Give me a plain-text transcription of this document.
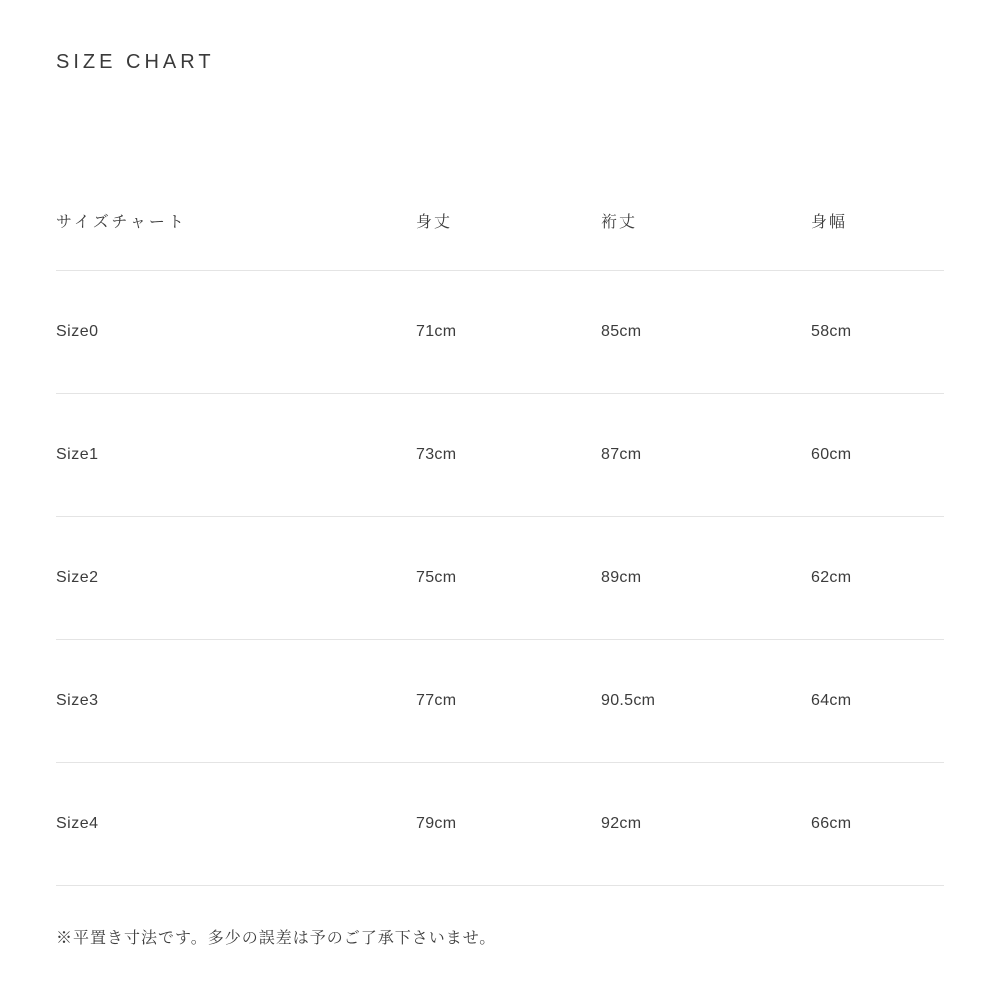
SIZE CHART
サイズチャート	身丈	裄丈	身幅
Size0	71cm	85cm	58cm
Size1	73cm	87cm	60cm
Size2	75cm	89cm	62cm
Size3	77cm	90.5cm	64cm
Size4	79cm	92cm	66cm
※平置き寸法です。多少の誤差は予のご了承下さいませ。
